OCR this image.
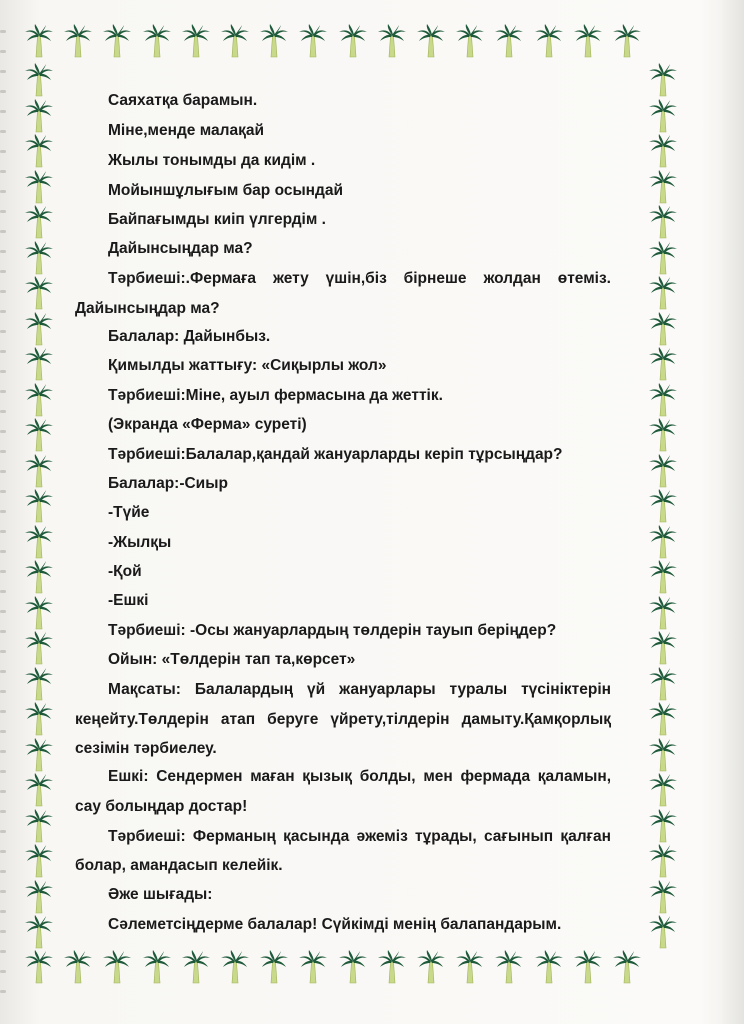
Саяхатқа барамын.
Міне,менде малақай
Жылы тонымды да кидім .
Мойыншұлығым бар осындай
Байпағымды киіп үлгердім .
Дайынсыңдар ма?
Тәрбиеші:.Фермаға жету үшін,біз бірнеше жолдан өтеміз.
Дайынсыңдар ма?
Балалар: Дайынбыз.
Қимылды жаттығу: «Сиқырлы жол»
Тәрбиеші:Міне, ауыл фермасына да жеттік.
(Экранда «Ферма» суреті)
Тәрбиеші:Балалар,қандай жануарларды керіп тұрсыңдар?
Балалар:-Сиыр
-Түйе
-Жылқы
-Қой
-Ешкі
Тәрбиеші: -Осы жануарлардың төлдерін тауып беріңдер?
Ойын: «Төлдерін тап та,көрсет»
Мақсаты: Балалардың үй жануарлары туралы түсініктерін
кеңейту.Төлдерін атап беруге үйрету,тілдерін дамыту.Қамқорлық
сезімін тәрбиелеу.
Ешкі: Сендермен маған қызық болды, мен фермада қаламын,
сау болыңдар достар!
Тәрбиеші: Ферманың қасында әжеміз тұрады, сағынып қалған
болар, амандасып келейік.
Әже шығады:
Сәлеметсіңдерме балалар! Сүйкімді менің балапандарым.
